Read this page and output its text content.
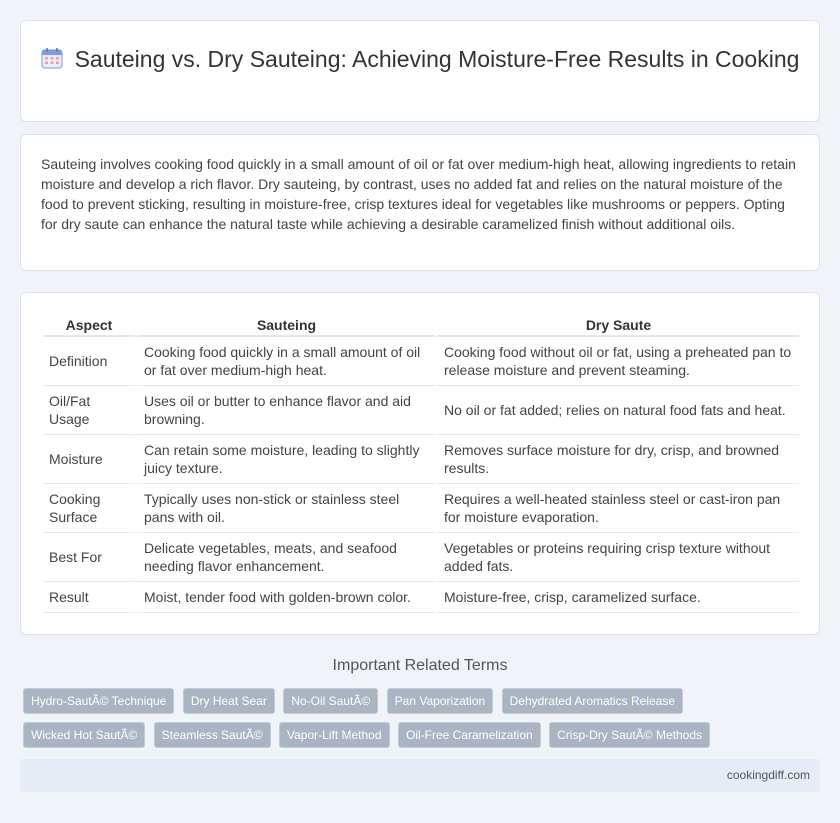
Sauteing vs. Dry Sauteing: Achieving Moisture-Free Results in Cooking

Sauteing involves cooking food quickly in a small amount of oil or fat over medium-high heat, allowing ingredients to retain moisture and develop a rich flavor. Dry sauteing, by contrast, uses no added fat and relies on the natural moisture of the food to prevent sticking, resulting in moisture-free, crisp textures ideal for vegetables like mushrooms or peppers. Opting for dry saute can enhance the natural taste while achieving a desirable caramelized finish without additional oils.

Aspect	Sauteing	Dry Saute
Definition	Cooking food quickly in a small amount of oil or fat over medium-high heat.	Cooking food without oil or fat, using a preheated pan to release moisture and prevent steaming.
Oil/Fat Usage	Uses oil or butter to enhance flavor and aid browning.	No oil or fat added; relies on natural food fats and heat.
Moisture	Can retain some moisture, leading to slightly juicy texture.	Removes surface moisture for dry, crisp, and browned results.
Cooking Surface	Typically uses non-stick or stainless steel pans with oil.	Requires a well-heated stainless steel or cast-iron pan for moisture evaporation.
Best For	Delicate vegetables, meats, and seafood needing flavor enhancement.	Vegetables or proteins requiring crisp texture without added fats.
Result	Moist, tender food with golden-brown color.	Moisture-free, crisp, caramelized surface.
Important Related Terms
Hydro-SautÃ© Technique Dry Heat Sear No-Oil SautÃ© Pan Vaporization Dehydrated Aromatics Release Wicked Hot SautÃ© Steamless SautÃ© Vapor-Lift Method Oil-Free Caramelization Crisp-Dry SautÃ© Methods
cookingdiff.com
